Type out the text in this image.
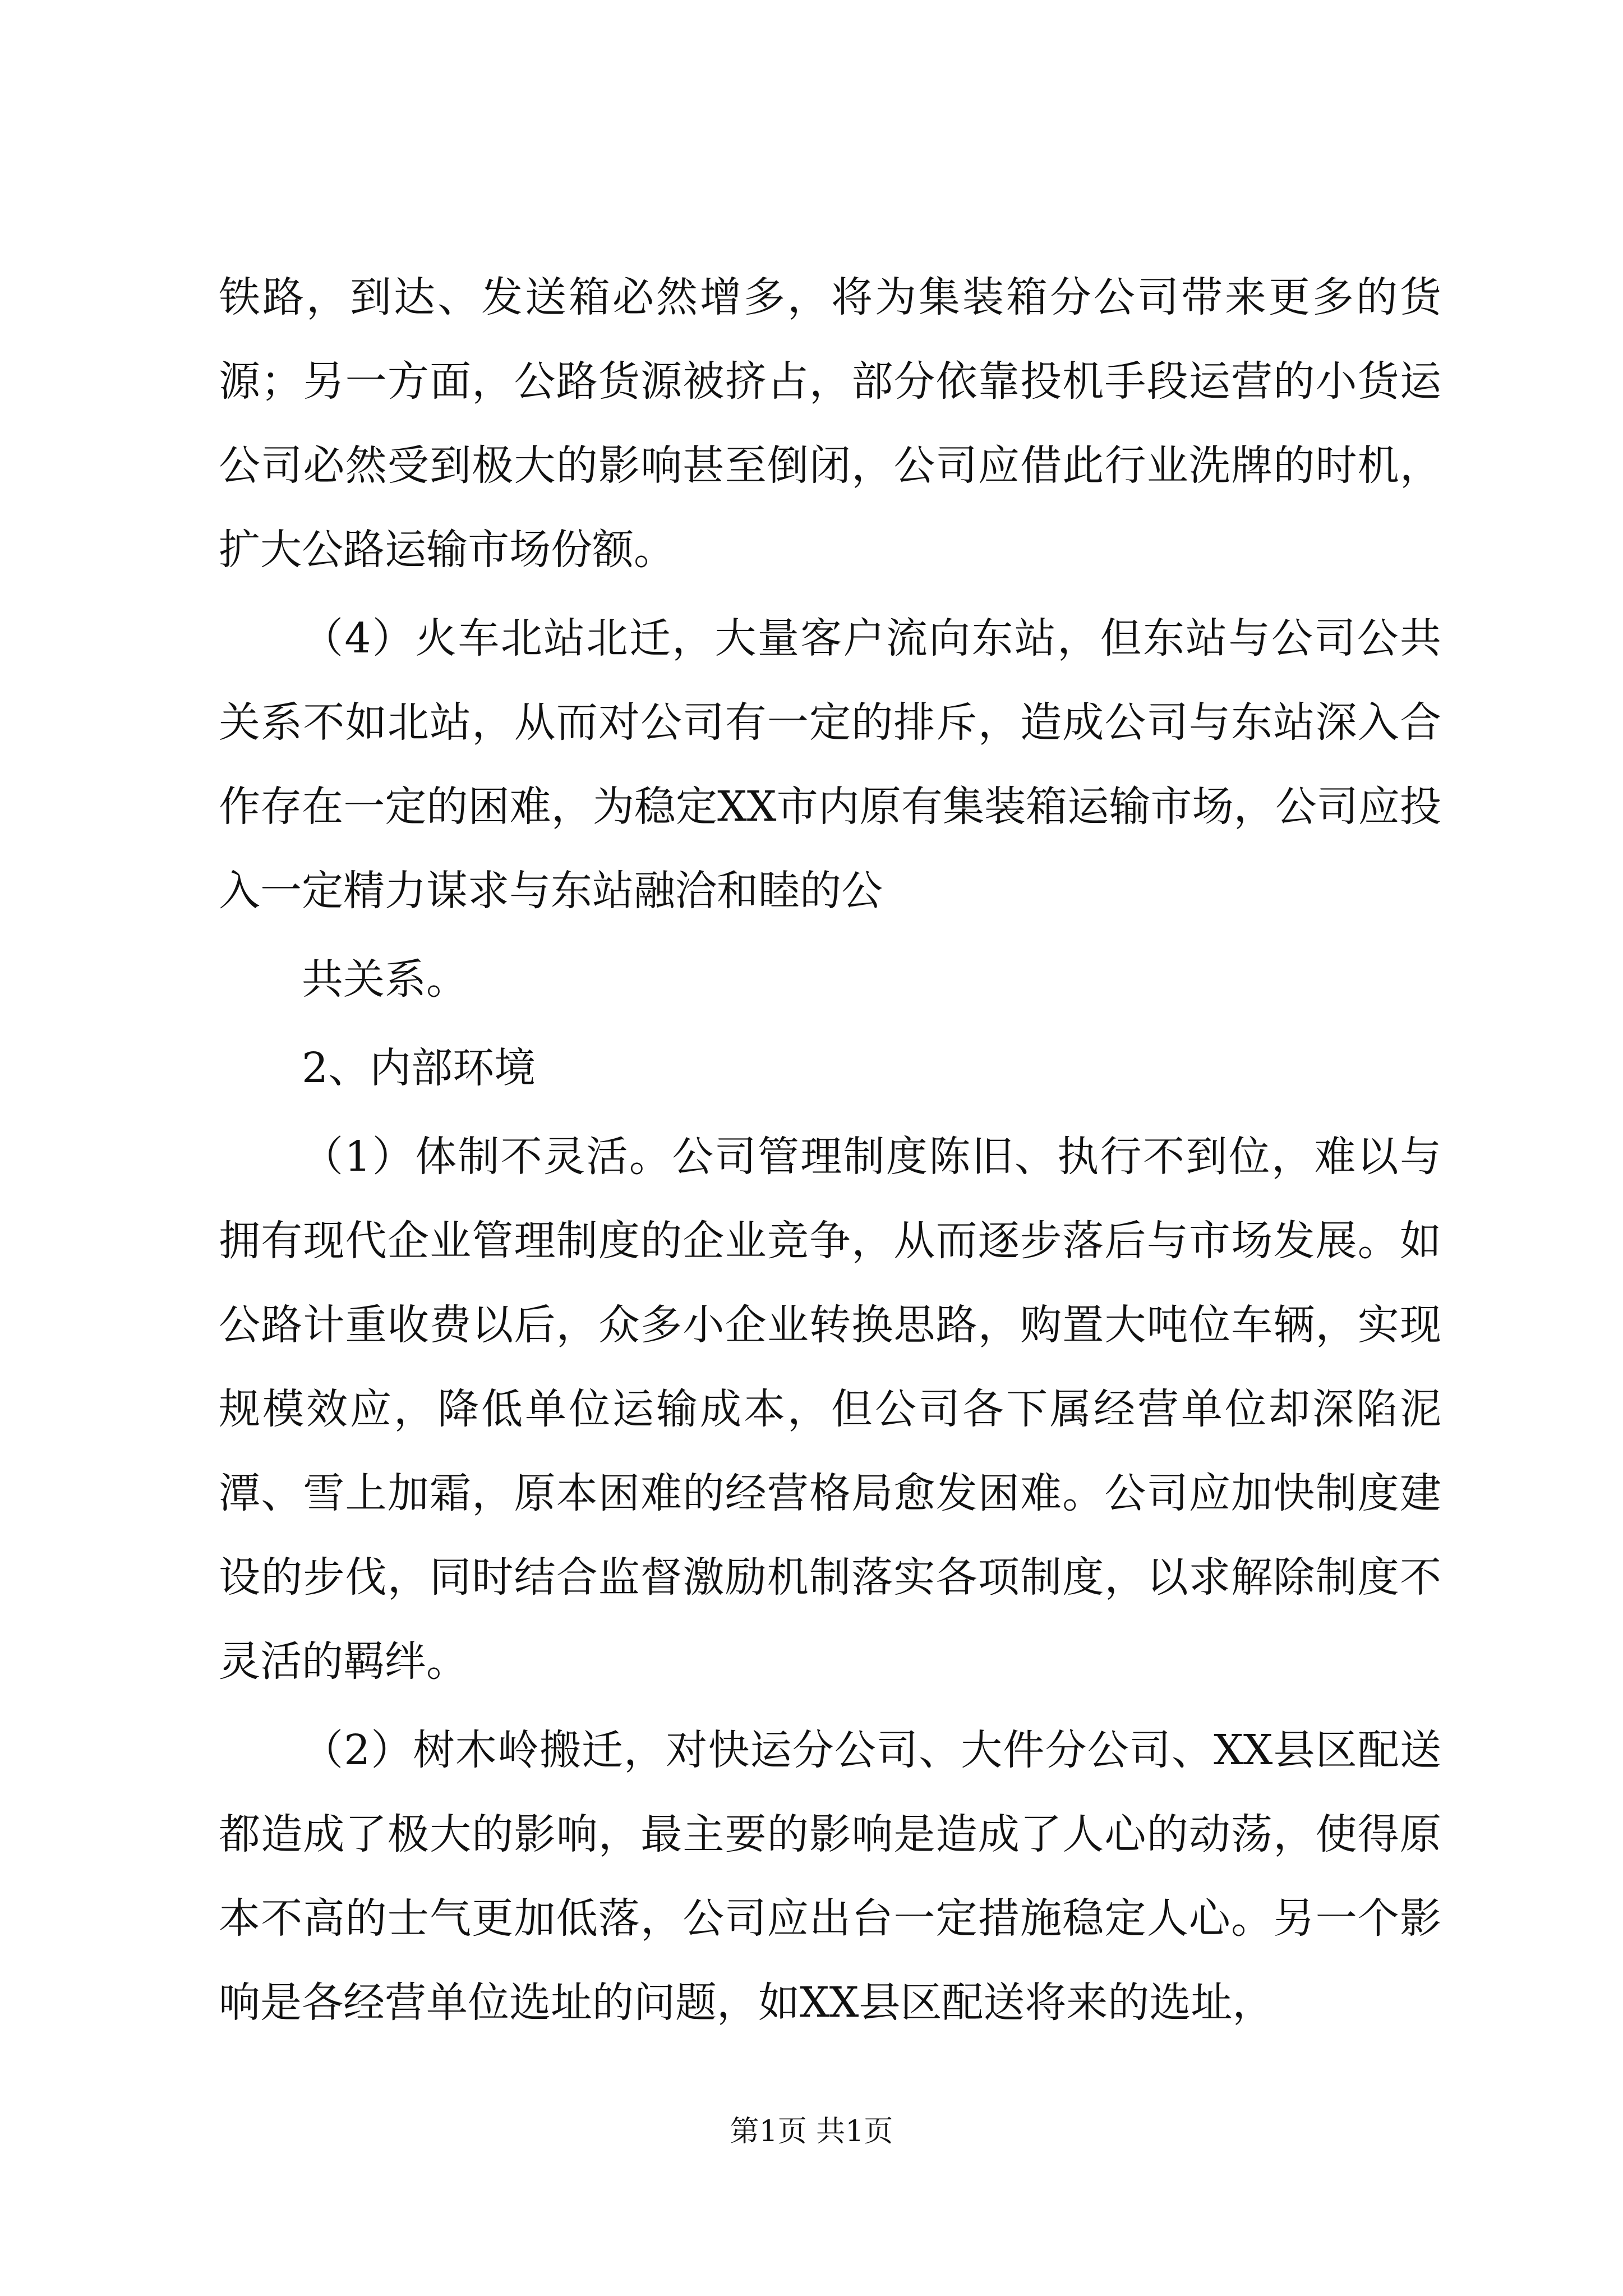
铁路，到达、发送箱必然增多，将为集装箱分公司带来更多的货源；另一方面，公路货源被挤占，部分依靠投机手段运营的小货运公司必然受到极大的影响甚至倒闭，公司应借此行业洗牌的时机，扩大公路运输市场份额。

（4）火车北站北迁，大量客户流向东站，但东站与公司公共关系不如北站，从而对公司有一定的排斥，造成公司与东站深入合作存在一定的困难，为稳定XX市内原有集装箱运输市场，公司应投入一定精力谋求与东站融洽和睦的公

共关系。

2、内部环境

（1）体制不灵活。公司管理制度陈旧、执行不到位，难以与拥有现代企业管理制度的企业竞争，从而逐步落后与市场发展。如公路计重收费以后，众多小企业转换思路，购置大吨位车辆，实现规模效应，降低单位运输成本，但公司各下属经营单位却深陷泥潭、雪上加霜，原本困难的经营格局愈发困难。公司应加快制度建设的步伐，同时结合监督激励机制落实各项制度，以求解除制度不灵活的羁绊。

（2）树木岭搬迁，对快运分公司、大件分公司、XX县区配送都造成了极大的影响，最主要的影响是造成了人心的动荡，使得原本不高的士气更加低落，公司应出台一定措施稳定人心。另一个影响是各经营单位选址的问题，如XX县区配送将来的选址，

第1页 共1页
